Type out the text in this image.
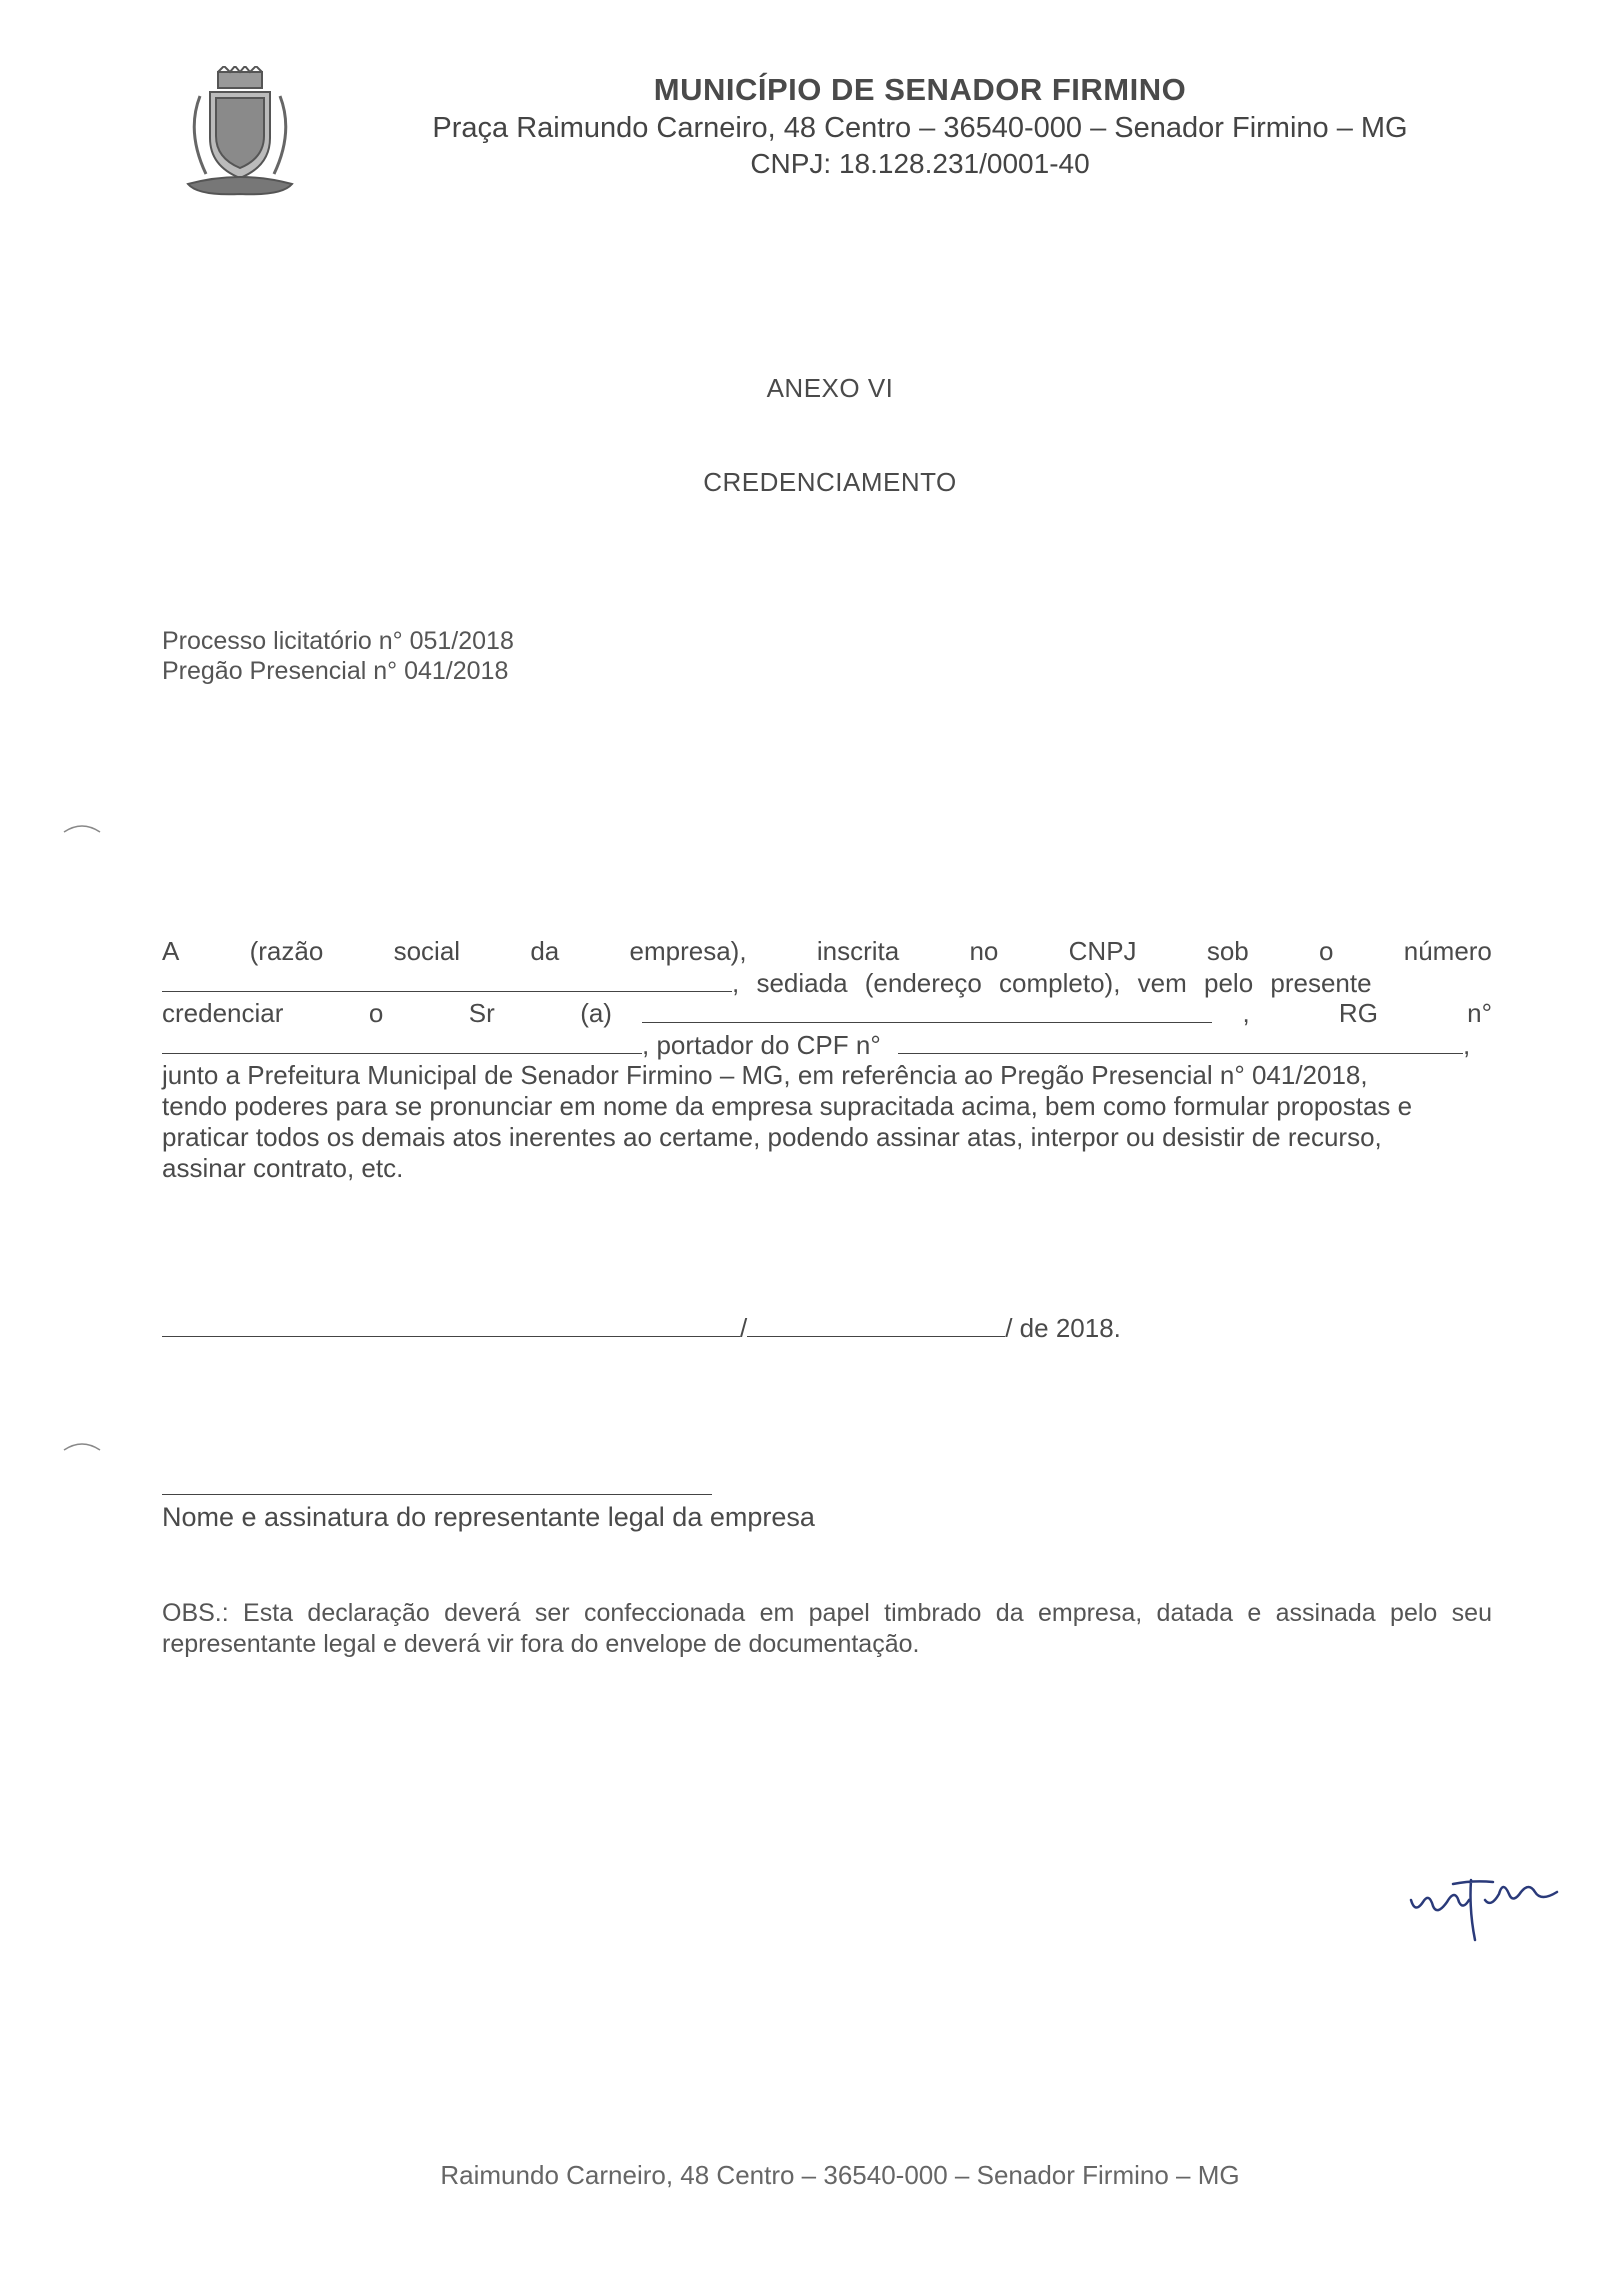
MUNICÍPIO DE SENADOR FIRMINO
Praça Raimundo Carneiro, 48 Centro – 36540-000 – Senador Firmino – MG
CNPJ: 18.128.231/0001-40
ANEXO VI
CREDENCIAMENTO
Processo licitatório n° 051/2018
Pregão Presencial n° 041/2018
A	(razão	social	da	empresa),	inscrita	no	CNPJ	sob	o	número
, sediada (endereço completo), vem pelo presente
credenciar	o	Sr	(a)	, RG n°
, portador do CPF n°	,
junto a Prefeitura Municipal de Senador Firmino – MG, em referência ao Pregão Presencial n° 041/2018,
tendo poderes para se pronunciar em nome da empresa supracitada acima, bem como formular propostas e
praticar todos os demais atos inerentes ao certame, podendo assinar atas, interpor ou desistir de recurso,
assinar contrato, etc.
/	/ de 2018.
Nome e assinatura do representante legal da empresa
OBS.: Esta declaração deverá ser confeccionada em papel timbrado da empresa, datada e assinada pelo seu representante legal e deverá vir fora do envelope de documentação.
Raimundo Carneiro, 48 Centro – 36540-000 – Senador Firmino – MG
